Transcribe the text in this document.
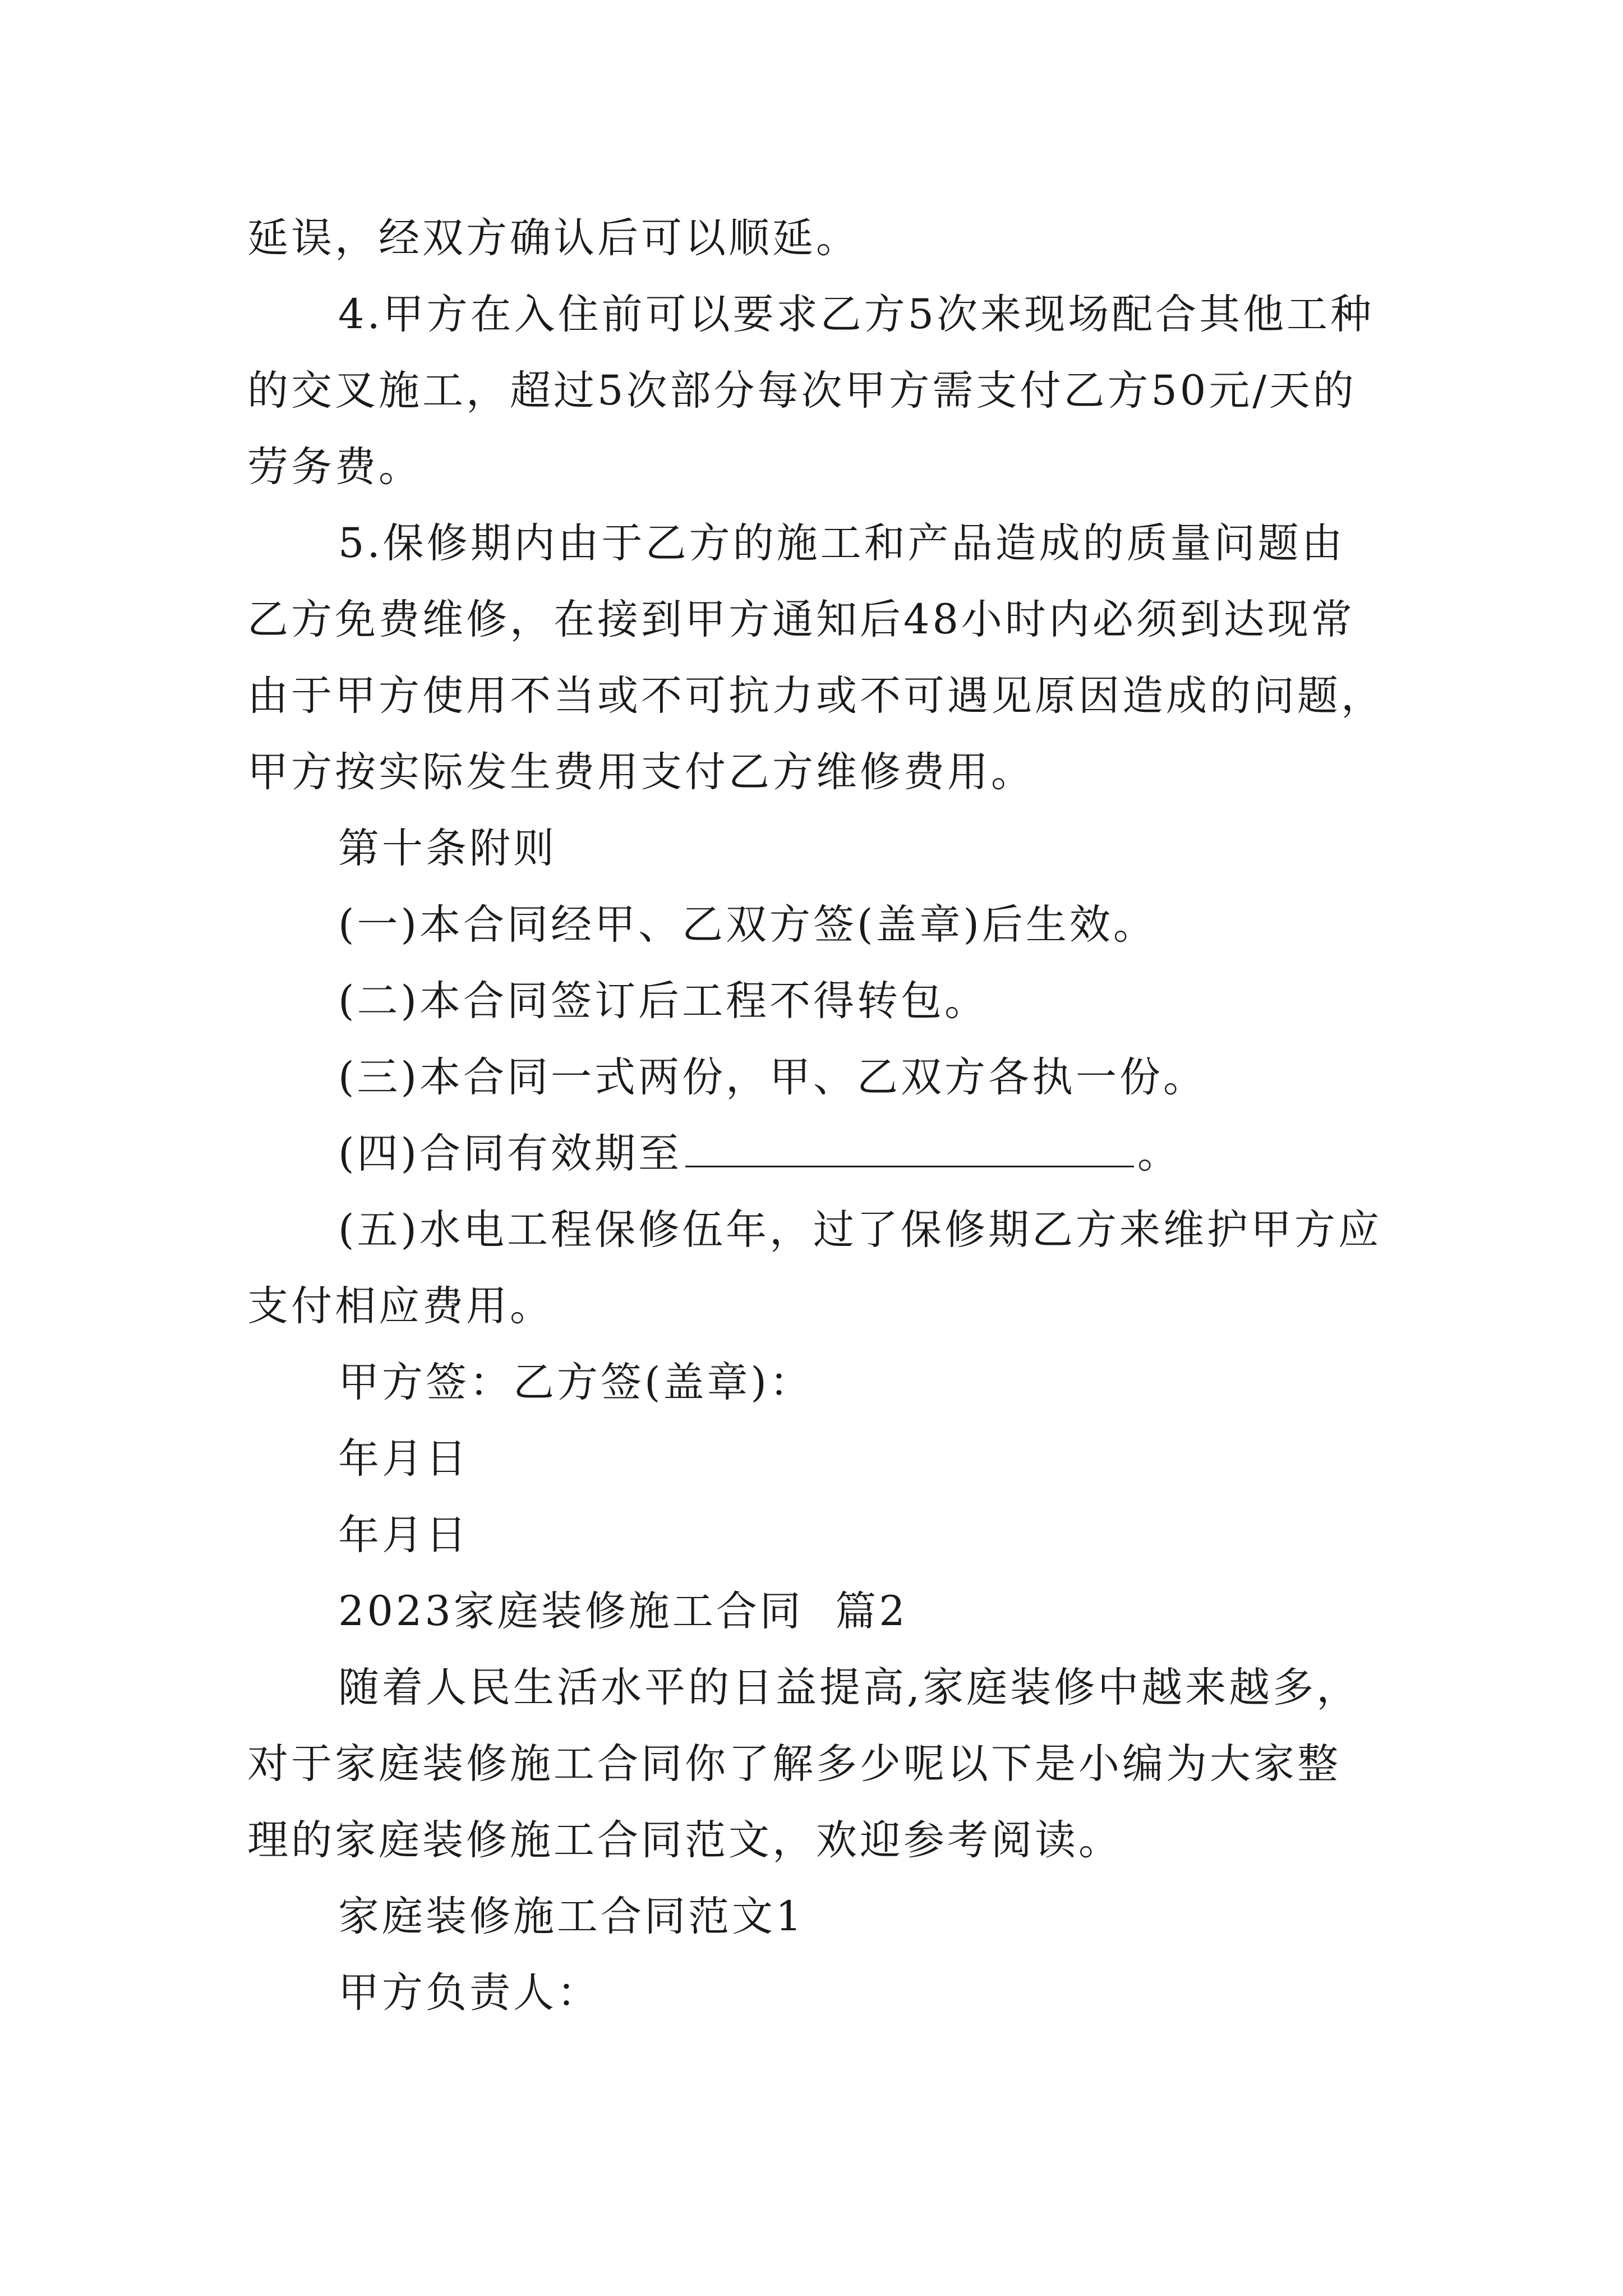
延误，经双方确认后可以顺延。

4.甲方在入住前可以要求乙方5次来现场配合其他工种
的交叉施工，超过5次部分每次甲方需支付乙方50元/天的
劳务费。

5.保修期内由于乙方的施工和产品造成的质量问题由
乙方免费维修，在接到甲方通知后48小时内必须到达现常
由于甲方使用不当或不可抗力或不可遇见原因造成的问题，
甲方按实际发生费用支付乙方维修费用。

第十条附则

(一)本合同经甲、乙双方签(盖章)后生效。

(二)本合同签订后工程不得转包。

(三)本合同一式两份，甲、乙双方各执一份。

(四)合同有效期至	。

(五)水电工程保修伍年，过了保修期乙方来维护甲方应
支付相应费用。

甲方签：乙方签(盖章)：

年月日

年月日

2023家庭装修施工合同  篇2

随着人民生活水平的日益提高,家庭装修中越来越多，
对于家庭装修施工合同你了解多少呢以下是小编为大家整
理的家庭装修施工合同范文，欢迎参考阅读。

家庭装修施工合同范文1

甲方负责人：
